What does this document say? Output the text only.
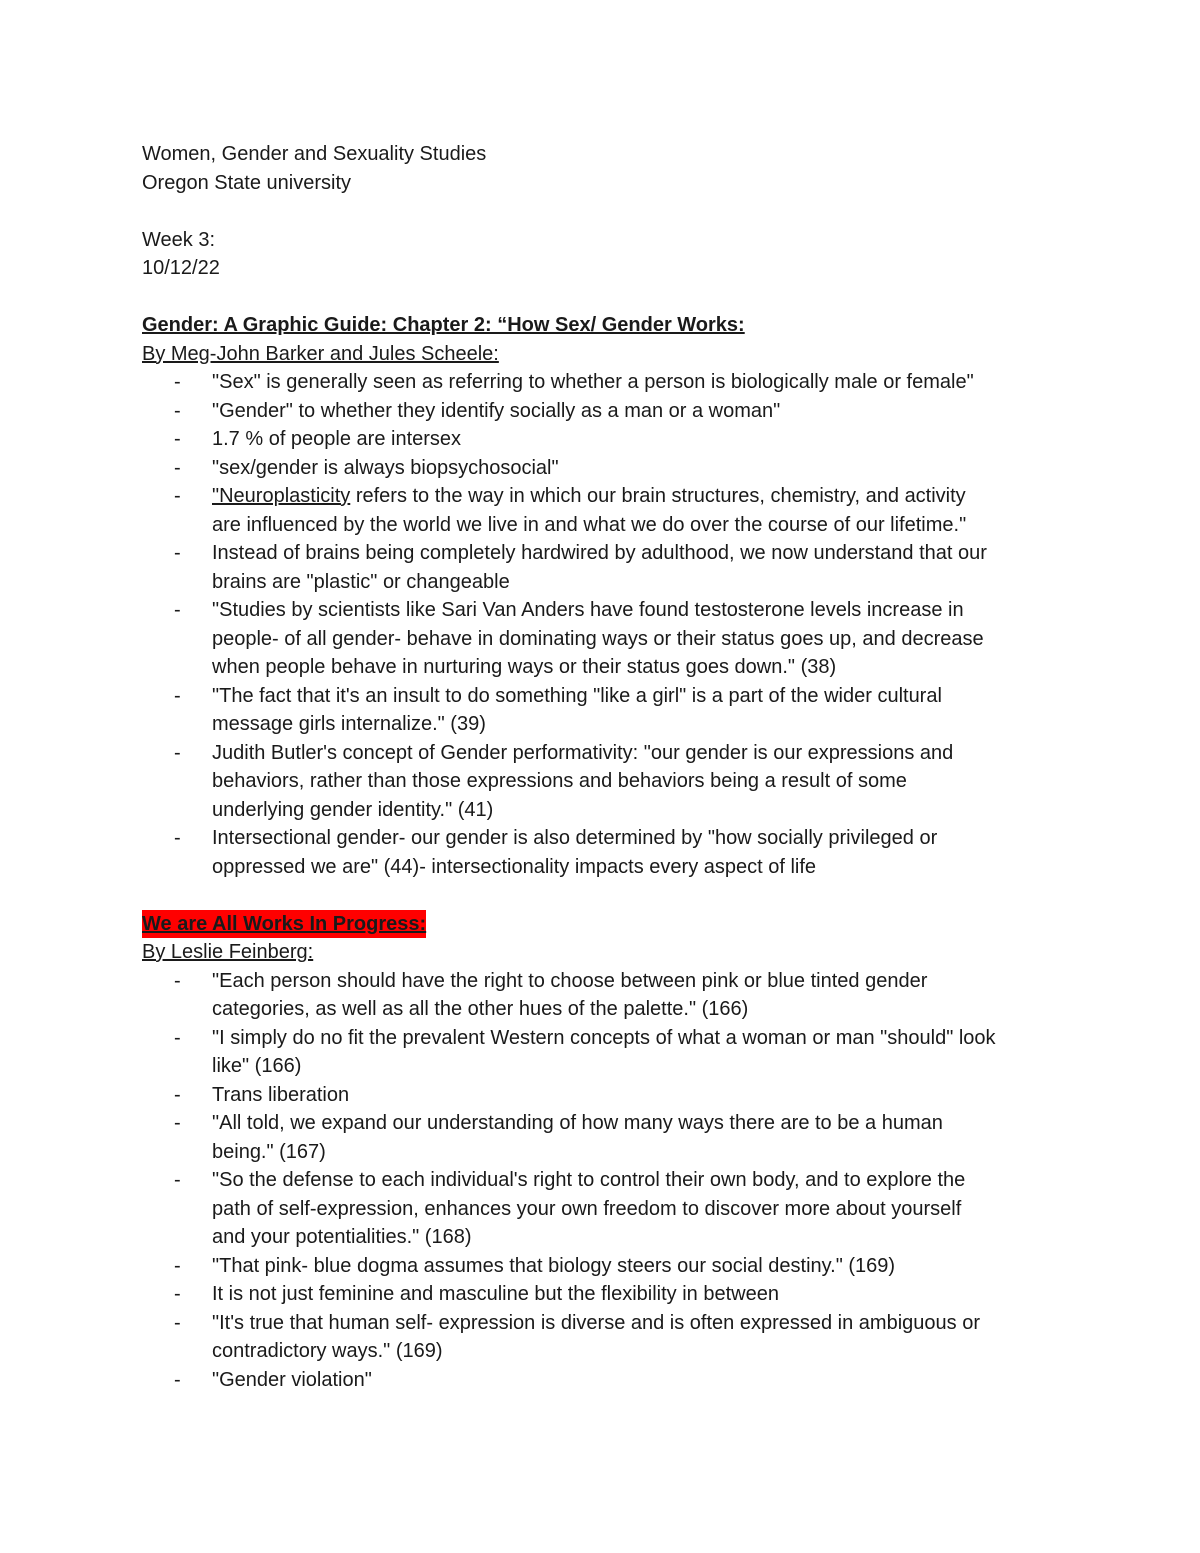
Women, Gender and Sexuality Studies

Oregon State university

Week 3:

10/12/22

Gender: A Graphic Guide: Chapter 2: “How Sex/ Gender Works:

By Meg-John Barker and Jules Scheele:

- "Sex" is generally seen as referring to whether a person is biologically male or female"
- "Gender" to whether they identify socially as a man or a woman"
- 1.7 % of people are intersex
- "sex/gender is always biopsychosocial"
- "Neuroplasticity refers to the way in which our brain structures, chemistry, and activity
are influenced by the world we live in and what we do over the course of our lifetime."
- Instead of brains being completely hardwired by adulthood, we now understand that our
brains are "plastic" or changeable
- "Studies by scientists like Sari Van Anders have found testosterone levels increase in
people- of all gender- behave in dominating ways or their status goes up, and decrease
when people behave in nurturing ways or their status goes down." (38)
- "The fact that it's an insult to do something "like a girl" is a part of the wider cultural
message girls internalize." (39)
- Judith Butler's concept of Gender performativity: "our gender is our expressions and
behaviors, rather than those expressions and behaviors being a result of some
underlying gender identity." (41)
- Intersectional gender- our gender is also determined by "how socially privileged or
oppressed we are" (44)- intersectionality impacts every aspect of life

We are All Works In Progress:

By Leslie Feinberg:

- "Each person should have the right to choose between pink or blue tinted gender
categories, as well as all the other hues of the palette." (166)
- "I simply do no fit the prevalent Western concepts of what a woman or man "should" look
like" (166)
- Trans liberation
- "All told, we expand our understanding of how many ways there are to be a human
being." (167)
- "So the defense to each individual's right to control their own body, and to explore the
path of self-expression, enhances your own freedom to discover more about yourself
and your potentialities." (168)
- "That pink- blue dogma assumes that biology steers our social destiny." (169)
- It is not just feminine and masculine but the flexibility in between
- "It's true that human self- expression is diverse and is often expressed in ambiguous or
contradictory ways." (169)
- "Gender violation"
